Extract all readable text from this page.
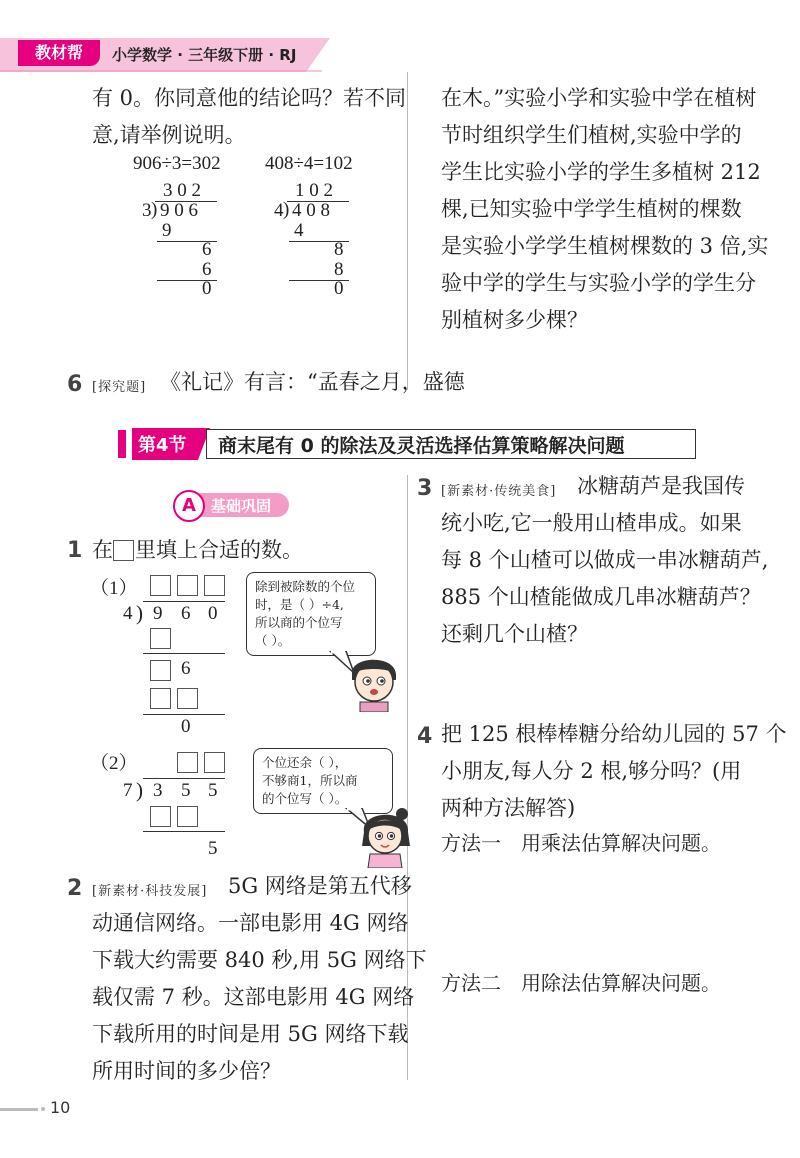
教材帮	小学数学 · 三年级下册 · RJ
有 0。你同意他的结论吗？若不同
意,请举例说明。
906÷3=302 408÷4=102
3 0 2
3 ) 9 0 6
9
6
6
0
1 0 2
4 ) 4 0 8
4
8
8
0
6 [探究题] 《礼记》有言：“孟春之月，盛德
在木。”实验小学和实验中学在植树
节时组织学生们植树,实验中学的
学生比实验小学的学生多植树 212
棵,已知实验中学学生植树的棵数
是实验小学学生植树棵数的 3 倍,实
验中学的学生与实验小学的学生分
别植树多少棵？
第4节 商末尾有 0 的除法及灵活选择估算策略解决问题
A	基础巩固
1 在 里填上合适的数。
（1）
4 ) 9 6 0
6
0
除到被除数的个位
时，是（ ）÷4,
所以商的个位写
（ ）。
（2）
7 ) 3 5 5
5
个位还余（ ），
不够商1，所以商
的个位写（ ）。
2 [新素材·科技发展] 5G 网络是第五代移
动通信网络。一部电影用 4G 网络
下载大约需要 840 秒,用 5G 网络下
载仅需 7 秒。这部电影用 4G 网络
下载所用的时间是用 5G 网络下载
所用时间的多少倍？
3 [新素材·传统美食] 冰糖葫芦是我国传
统小吃,它一般用山楂串成。如果
每 8 个山楂可以做成一串冰糖葫芦,
885 个山楂能做成几串冰糖葫芦？
还剩几个山楂？
4 把 125 根棒棒糖分给幼儿园的 57 个
小朋友,每人分 2 根,够分吗？(用
两种方法解答)
方法一　用乘法估算解决问题。
方法二　用除法估算解决问题。
10
